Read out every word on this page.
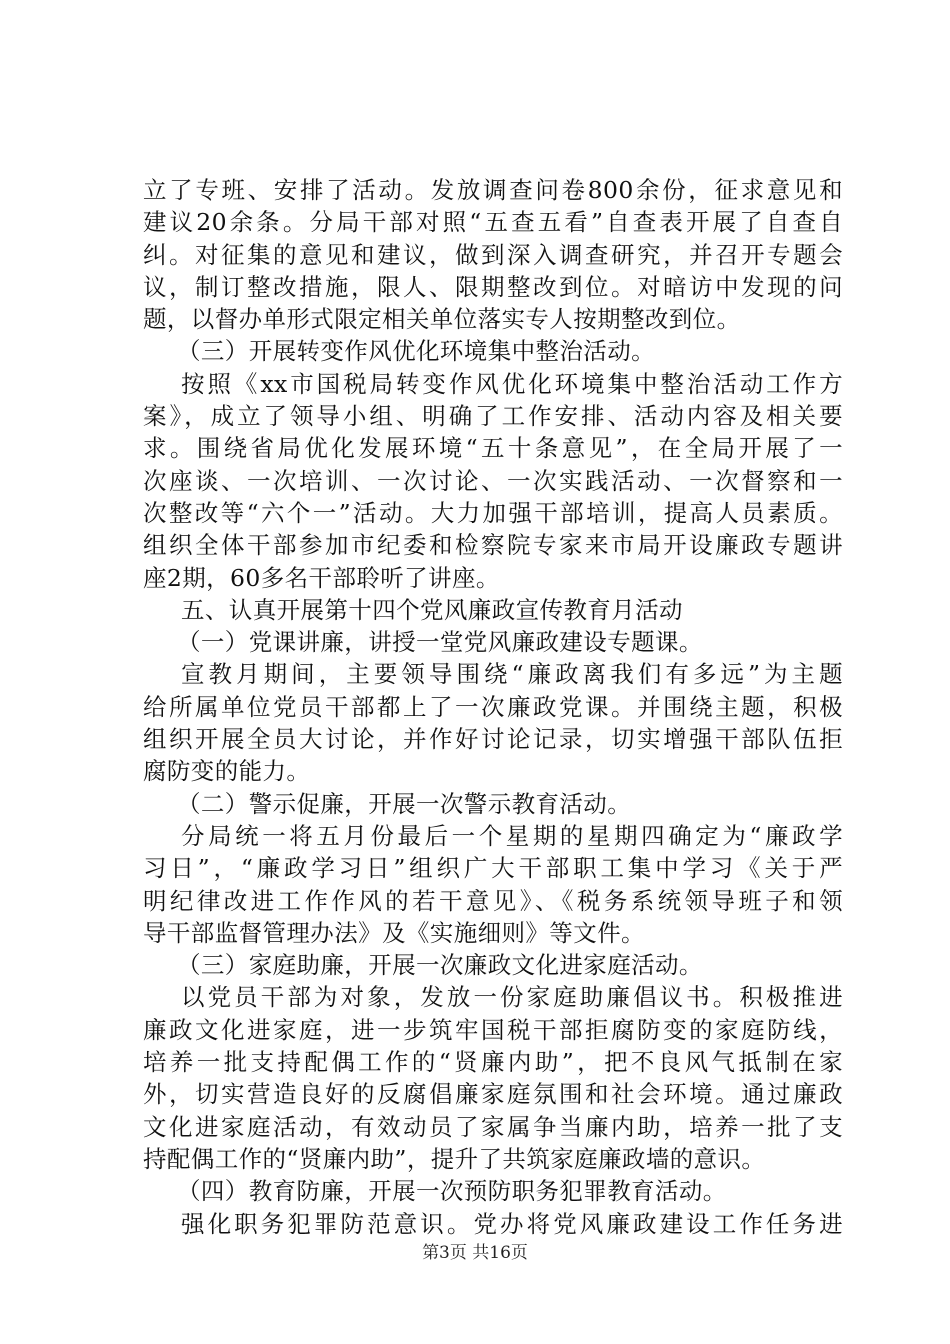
立了专班、安排了活动。发放调查问卷800余份，征求意见和
建议20余条。分局干部对照“五查五看”自查表开展了自查自
纠。对征集的意见和建议，做到深入调查研究，并召开专题会
议，制订整改措施，限人、限期整改到位。对暗访中发现的问
题，以督办单形式限定相关单位落实专人按期整改到位。
（三）开展转变作风优化环境集中整治活动。
按照《xx市国税局转变作风优化环境集中整治活动工作方
案》，成立了领导小组、明确了工作安排、活动内容及相关要
求。围绕省局优化发展环境“五十条意见”，在全局开展了一
次座谈、一次培训、一次讨论、一次实践活动、一次督察和一
次整改等“六个一”活动。大力加强干部培训，提高人员素质。
组织全体干部参加市纪委和检察院专家来市局开设廉政专题讲
座2期，60多名干部聆听了讲座。
五、认真开展第十四个党风廉政宣传教育月活动
（一）党课讲廉，讲授一堂党风廉政建设专题课。
宣教月期间，主要领导围绕“廉政离我们有多远”为主题
给所属单位党员干部都上了一次廉政党课。并围绕主题，积极
组织开展全员大讨论，并作好讨论记录，切实增强干部队伍拒
腐防变的能力。
（二）警示促廉，开展一次警示教育活动。
分局统一将五月份最后一个星期的星期四确定为“廉政学
习日”，“廉政学习日”组织广大干部职工集中学习《关于严
明纪律改进工作作风的若干意见》、《税务系统领导班子和领
导干部监督管理办法》及《实施细则》等文件。
（三）家庭助廉，开展一次廉政文化进家庭活动。
以党员干部为对象，发放一份家庭助廉倡议书。积极推进
廉政文化进家庭，进一步筑牢国税干部拒腐防变的家庭防线，
培养一批支持配偶工作的“贤廉内助”，把不良风气抵制在家
外，切实营造良好的反腐倡廉家庭氛围和社会环境。通过廉政
文化进家庭活动，有效动员了家属争当廉内助，培养一批了支
持配偶工作的“贤廉内助”，提升了共筑家庭廉政墙的意识。
（四）教育防廉，开展一次预防职务犯罪教育活动。
强化职务犯罪防范意识。党办将党风廉政建设工作任务进
第3页 共16页
